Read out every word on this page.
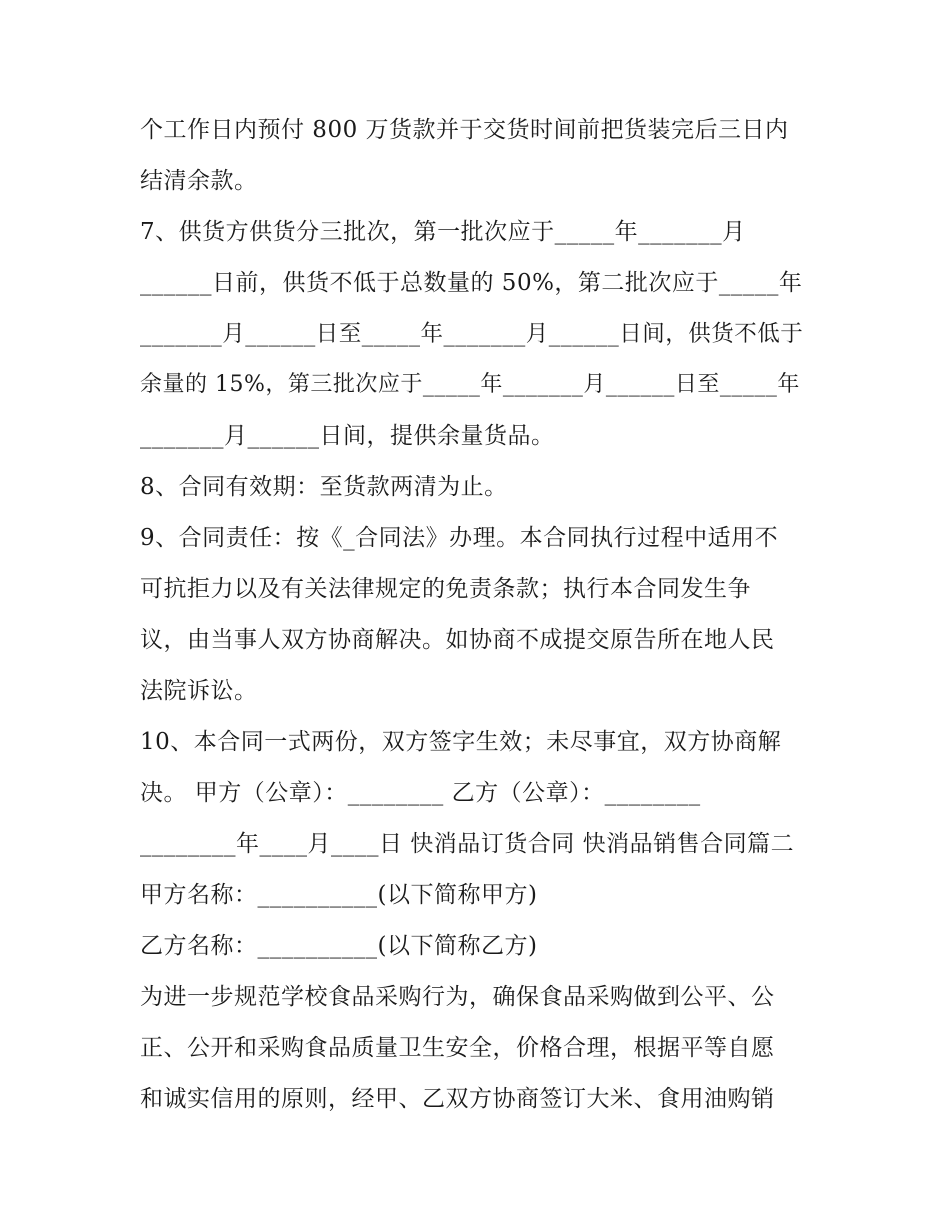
个工作日内预付 800 万货款并于交货时间前把货装完后三日内
结清余款。
7、供货方供货分三批次，第一批次应于_____年_______月
______日前，供货不低于总数量的 50%，第二批次应于_____年
_______月______日至_____年_______月______日间，供货不低于
余量的 15%，第三批次应于_____年_______月______日至_____年
_______月______日间，提供余量货品。
8、合同有效期：至货款两清为止。
9、合同责任：按《_合同法》办理。本合同执行过程中适用不
可抗拒力以及有关法律规定的免责条款；执行本合同发生争
议，由当事人双方协商解决。如协商不成提交原告所在地人民
法院诉讼。
10、本合同一式两份，双方签字生效；未尽事宜，双方协商解
决。 甲方（公章）：________ 乙方（公章）：________
________年____月____日 快消品订货合同 快消品销售合同篇二
甲方名称：__________(以下简称甲方)
乙方名称：__________(以下简称乙方)
为进一步规范学校食品采购行为，确保食品采购做到公平、公
正、公开和采购食品质量卫生安全，价格合理，根据平等自愿
和诚实信用的原则，经甲、乙双方协商签订大米、食用油购销
